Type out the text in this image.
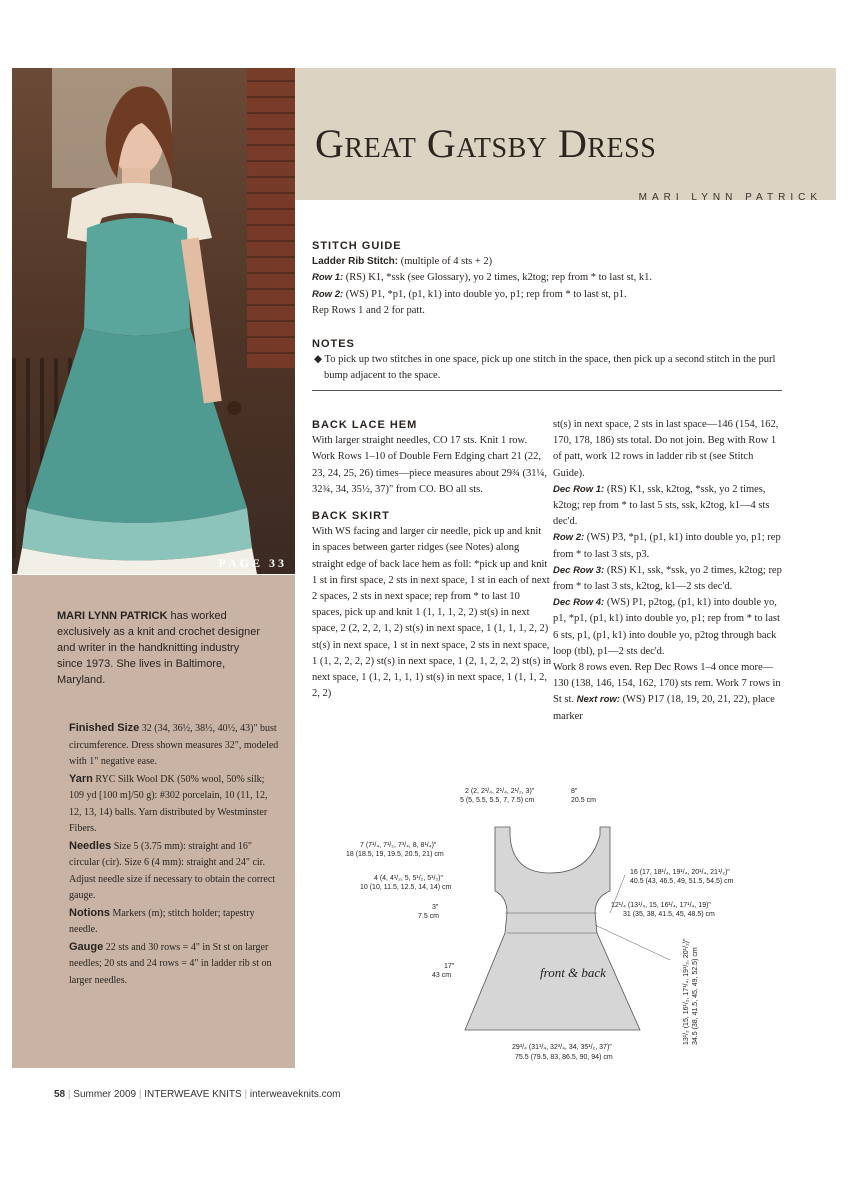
PAGE 33
Great Gatsby Dress
MARI LYNN PATRICK
MARI LYNN PATRICK has worked exclusively as a knit and crochet designer and writer in the handknitting industry since 1973. She lives in Baltimore, Maryland.

Finished Size 32 (34, 36½, 38½, 40½, 43)" bust circumference. Dress shown measures 32", modeled with 1" negative ease.

Yarn RYC Silk Wool DK (50% wool, 50% silk; 109 yd [100 m]/50 g): #302 porcelain, 10 (11, 12, 12, 13, 14) balls. Yarn distributed by Westminster Fibers.

Needles Size 5 (3.75 mm): straight and 16" circular (cir). Size 6 (4 mm): straight and 24" cir. Adjust needle size if necessary to obtain the correct gauge.

Notions Markers (m); stitch holder; tapestry needle.

Gauge 22 sts and 30 rows = 4" in St st on larger needles; 20 sts and 24 rows = 4" in ladder rib st on larger needles.

STITCH GUIDE

Ladder Rib Stitch: (multiple of 4 sts + 2)

Row 1: (RS) K1, *ssk (see Glossary), yo 2 times, k2tog; rep from * to last st, k1.

Row 2: (WS) P1, *p1, (p1, k1) into double yo, p1; rep from * to last st, p1.

Rep Rows 1 and 2 for patt.

NOTES

◆ To pick up two stitches in one space, pick up one stitch in the space, then pick up a second stitch in the purl bump adjacent to the space.

BACK LACE HEM

With larger straight needles, CO 17 sts. Knit 1 row. Work Rows 1–10 of Double Fern Edging chart 21 (22, 23, 24, 25, 26) times—piece measures about 29¾ (31¼, 32¾, 34, 35½, 37)" from CO. BO all sts.

BACK SKIRT

With WS facing and larger cir needle, pick up and knit in spaces between garter ridges (see Notes) along straight edge of back lace hem as foll: *pick up and knit 1 st in first space, 2 sts in next space, 1 st in each of next 2 spaces, 2 sts in next space; rep from * to last 10 spaces, pick up and knit 1 (1, 1, 1, 2, 2) st(s) in next space, 2 (2, 2, 2, 1, 2) st(s) in next space, 1 (1, 1, 1, 2, 2) st(s) in next space, 1 st in next space, 2 sts in next space, 1 (1, 2, 2, 2, 2) st(s) in next space, 1 (2, 1, 2, 2, 2) st(s) in next space, 1 (1, 2, 1, 1, 1) st(s) in next space, 1 (1, 1, 2, 2, 2)

st(s) in next space, 2 sts in last space—146 (154, 162, 170, 178, 186) sts total. Do not join. Beg with Row 1 of patt, work 12 rows in ladder rib st (see Stitch Guide).

Dec Row 1: (RS) K1, ssk, k2tog, *ssk, yo 2 times, k2tog; rep from * to last 5 sts, ssk, k2tog, k1—4 sts dec'd.

Row 2: (WS) P3, *p1, (p1, k1) into double yo, p1; rep from * to last 3 sts, p3.

Dec Row 3: (RS) K1, ssk, *ssk, yo 2 times, k2tog; rep from * to last 3 sts, k2tog, k1—2 sts dec'd.

Dec Row 4: (WS) P1, p2tog, (p1, k1) into double yo, p1, *p1, (p1, k1) into double yo, p1; rep from * to last 6 sts, p1, (p1, k1) into double yo, p2tog through back loop (tbl), p1—2 sts dec'd.

Work 8 rows even. Rep Dec Rows 1–4 once more—130 (138, 146, 154, 162, 170) sts rem. Work 7 rows in St st. Next row: (WS) P17 (18, 19, 20, 21, 22), place marker

2 (2, 2¹/₄, 2¹/₄, 2¹/₂, 3)"
5 (5, 5.5, 5.5, 7, 7.5) cm
8"
20.5 cm
7 (7¹/₄, 7¹/₂, 7³/₄, 8, 8¹/₄)"
18 (18.5, 19, 19.5, 20.5, 21) cm
4 (4, 4¹/₂, 5, 5¹/₂, 5¹/₂)"
10 (10, 11.5, 12.5, 14, 14) cm
3"
7.5 cm
17"
43 cm
16 (17, 18¹/₄, 19¹/₄, 20¹/₄, 21¹/₂)"
40.5 (43, 46.5, 49, 51.5, 54.5) cm
12¹/₄ (13¹/₄, 15, 16¹/₄, 17¹/₄, 19)"
31 (35, 38, 41.5, 45, 48.5) cm
13¹/₂ (15, 16¹/₂, 17¹/₄, 19¹/₂, 20¹/₂)" 34.5 (38, 41.5, 45, 49, 52.5) cm
front & back
29³/₄ (31¹/₄, 32³/₄, 34, 35¹/₂, 37)"
75.5 (79.5, 83, 86.5, 90, 94) cm
58 | Summer 2009 | INTERWEAVE KNITS | interweaveknits.com
